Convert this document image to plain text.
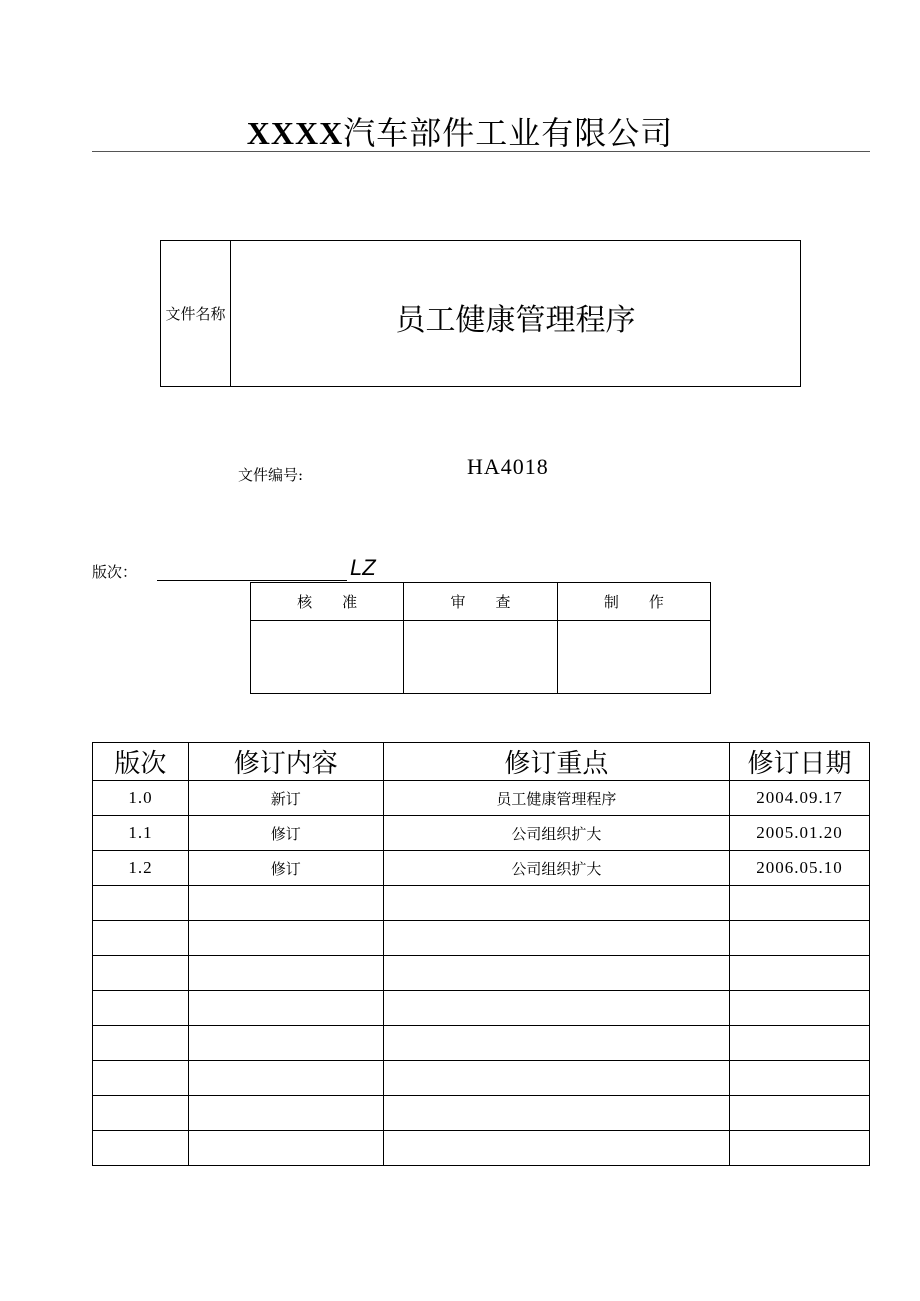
XXXX汽车部件工业有限公司
文件名称	员工健康管理程序
文件编号:	HA4018
版次：	LZ
核　　准	审　　查	制　　作

版次	修订内容	修订重点	修订日期
1.0	新订	员工健康管理程序	2004.09.17
1.1	修订	公司组织扩大	2005.01.20
1.2	修订	公司组织扩大	2006.05.10
